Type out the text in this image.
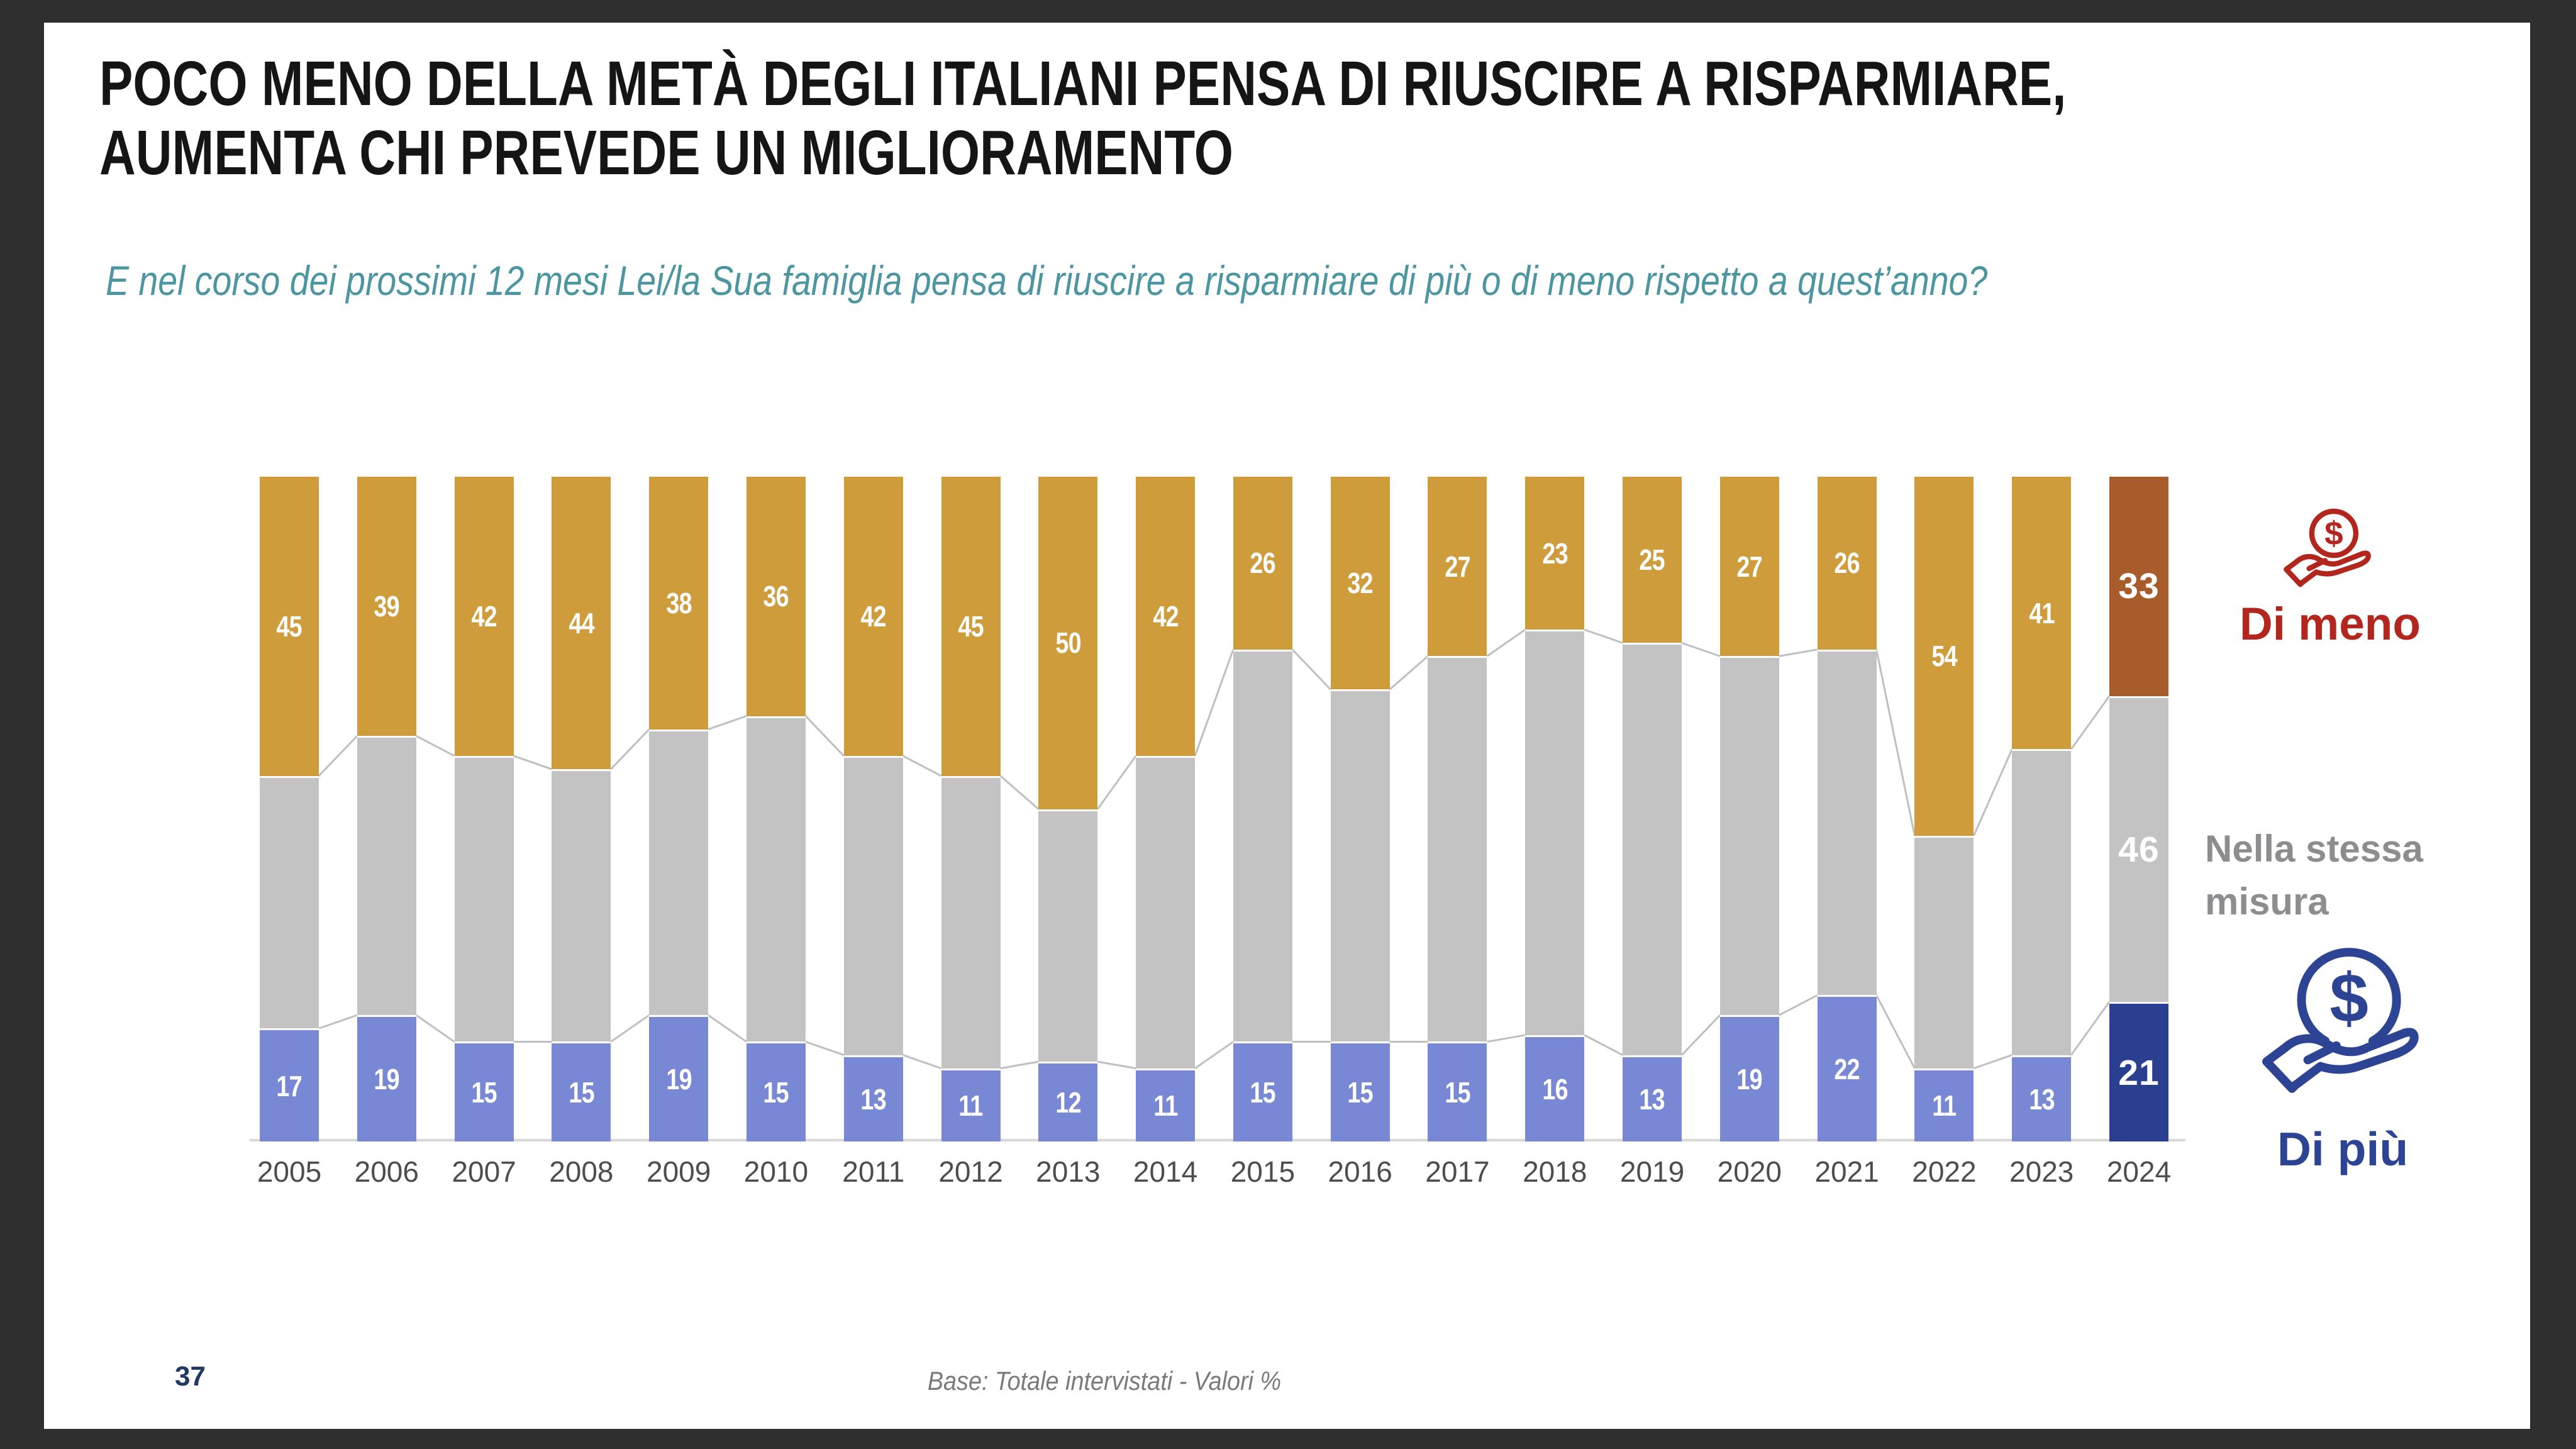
POCO MENO DELLA METÀ DEGLI ITALIANI PENSA DI RIUSCIRE A RISPARMIARE,
AUMENTA CHI PREVEDE UN MIGLIORAMENTO
E nel corso dei prossimi 12 mesi Lei/la Sua famiglia pensa di riuscire a risparmiare di più o di meno rispetto a quest’anno?
45
17
2005
39
19
2006
42
15
2007
44
15
2008
38
19
2009
36
15
2010
42
13
2011
45
11
2012
50
12
2013
42
11
2014
26
15
2015
32
15
2016
27
15
2017
23
16
2018
25
13
2019
27
19
2020
26
22
2021
54
11
2022
41
13
2023
33
46
21
2024
$
Di meno
Nella stessa misura
$
Di più
37	Base: Totale intervistati - Valori %
